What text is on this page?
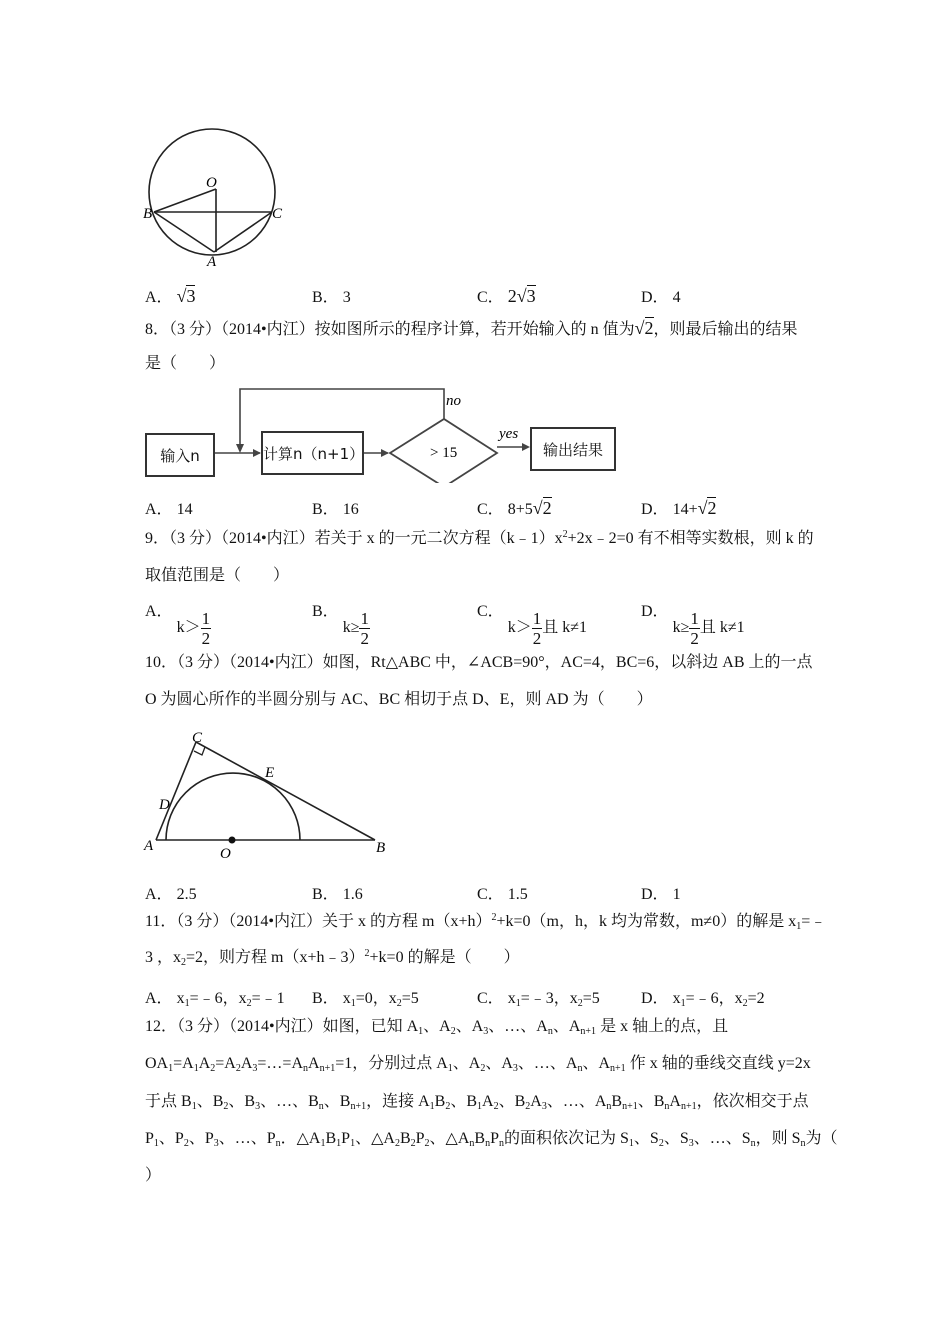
O
B	C
A
A． √3	B． 3	C． 2√3	D． 4
8．（3 分）（2014•内江）按如图所示的程序计算，若开始输入的 n 值为√2，则最后输出的结果
是（　　）
no
yes
> 15
输入n	计算n（n+1）	输出结果
A． 14	B． 16	C． 8+5√2	D． 14+√2
9．（3 分）（2014•内江）若关于 x 的一元二次方程$(k﹣1)x^2+2x﹣2=0$ 有不相等实数根，则 k 的
取值范围是（　　）
A． $k> \frac{1}{2}$	B． $k\ge \frac{1}{2}$	C． $k> \frac{1}{2}$ 且 k≠1
D． $k\ge \frac{1}{2}$ 且 k≠1
10．（3 分）（2014•内江）如图，Rt△ABC 中，∠ACB=90°，AC=4，BC=6，以斜边 AB 上的一点
O 为圆心所作的半圆分别与 AC、BC 相切于点 D、E，则 AD 为（　　）
C
E
D
A	O	B
A． 2.5	B． 1.6	C． 1.5	D． 1
11．（3 分）（2014•内江）关于 x 的方程 $m(x+h)^2+k=0(m$，h，k 均为常数，m≠0）的解是 $x_1=﹣$
3 ，$x_2=2$，则方程 m（x+h﹣3）$^2$+k=0 的解是（　　）
A． $x_1=﹣6$，$x_2=﹣1$ B． $x_1=0$，$x_2=5$	C． $x_1=﹣3$，$x_2=5$	D． $x_1=﹣6$，$x_2=2$
12．（3 分）（2014•内江）如图，已知 $A_1$、$A_2$、$A_3$、…、$A_n$、$A_{n+1}$ 是 x 轴上的点，且
$OA_1=A_1A_2=A_2A_3=\dots=A_nA_{n+1}=1$，分别过点 $A_1$、$A_2$、$A_3$、…、$A_n$、$A_{n+1}$ 作 x 轴的垂线交直线 y=2x
于点 $B_1$、$B_2$、$B_3$、…、$B_n$、$B_{n+1}$，连接 $A_1B_2$、$B_1A_2$、$B_2A_3$、…、$A_nB_{n+1}$、$B_nA_{n+1}$，依次相交于点
$P_1$、$P_2$、$P_3$、…、$P_n$．$\triangle A_1B_1P_1$、$\triangle A_2B_2P_2$、$\triangle A_nB_nP_n$的面积依次记为 $S_1$、$S_2$、$S_3$、…、$S_n$，则 $S_n$为（
）
